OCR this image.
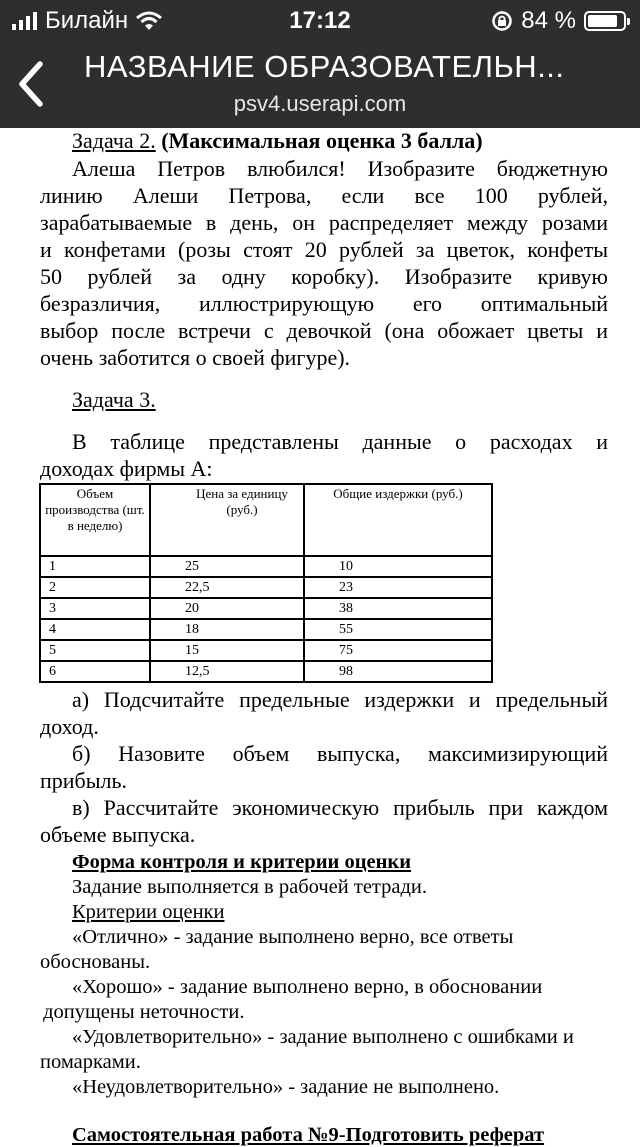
17:12
Билайн	84 %
НАЗВАНИЕ ОБРАЗОВАТЕЛЬН...
psv4.userapi.com
Задача 2. (Максимальная оценка 3 балла)
Алеша Петров влюбился! Изобразите бюджетную
линию Алеши Петрова, если все 100 рублей,
зарабатываемые в день, он распределяет между розами
и конфетами (розы стоят 20 рублей за цветок, конфеты
50 рублей за одну коробку). Изобразите кривую
безразличия, иллюстрирующую его оптимальный
выбор после встречи с девочкой (она обожает цветы и
очень заботится о своей фигуре).
Задача 3.
В таблице представлены данные о расходах и
доходах фирмы А:
Объем производства (шт. в неделю)	Цена за единицу (руб.)	Общие издержки (руб.)

1	25	10
2	22,5	23
3	20	38
4	18	55
5	15	75
6	12,5	98
а) Подсчитайте предельные издержки и предельный
доход.
б) Назовите объем выпуска, максимизирующий
прибыль.
в) Рассчитайте экономическую прибыль при каждом
объеме выпуска.
Форма контроля и критерии оценки
Задание выполняется в рабочей тетради.
Критерии оценки
«Отлично» - задание выполнено верно, все ответы
обоснованы.
«Хорошо» - задание выполнено верно, в обосновании
допущены неточности.
«Удовлетворительно» - задание выполнено с ошибками и
помарками.
«Неудовлетворительно» - задание не выполнено.
Самостоятельная работа №9-Подготовить реферат
